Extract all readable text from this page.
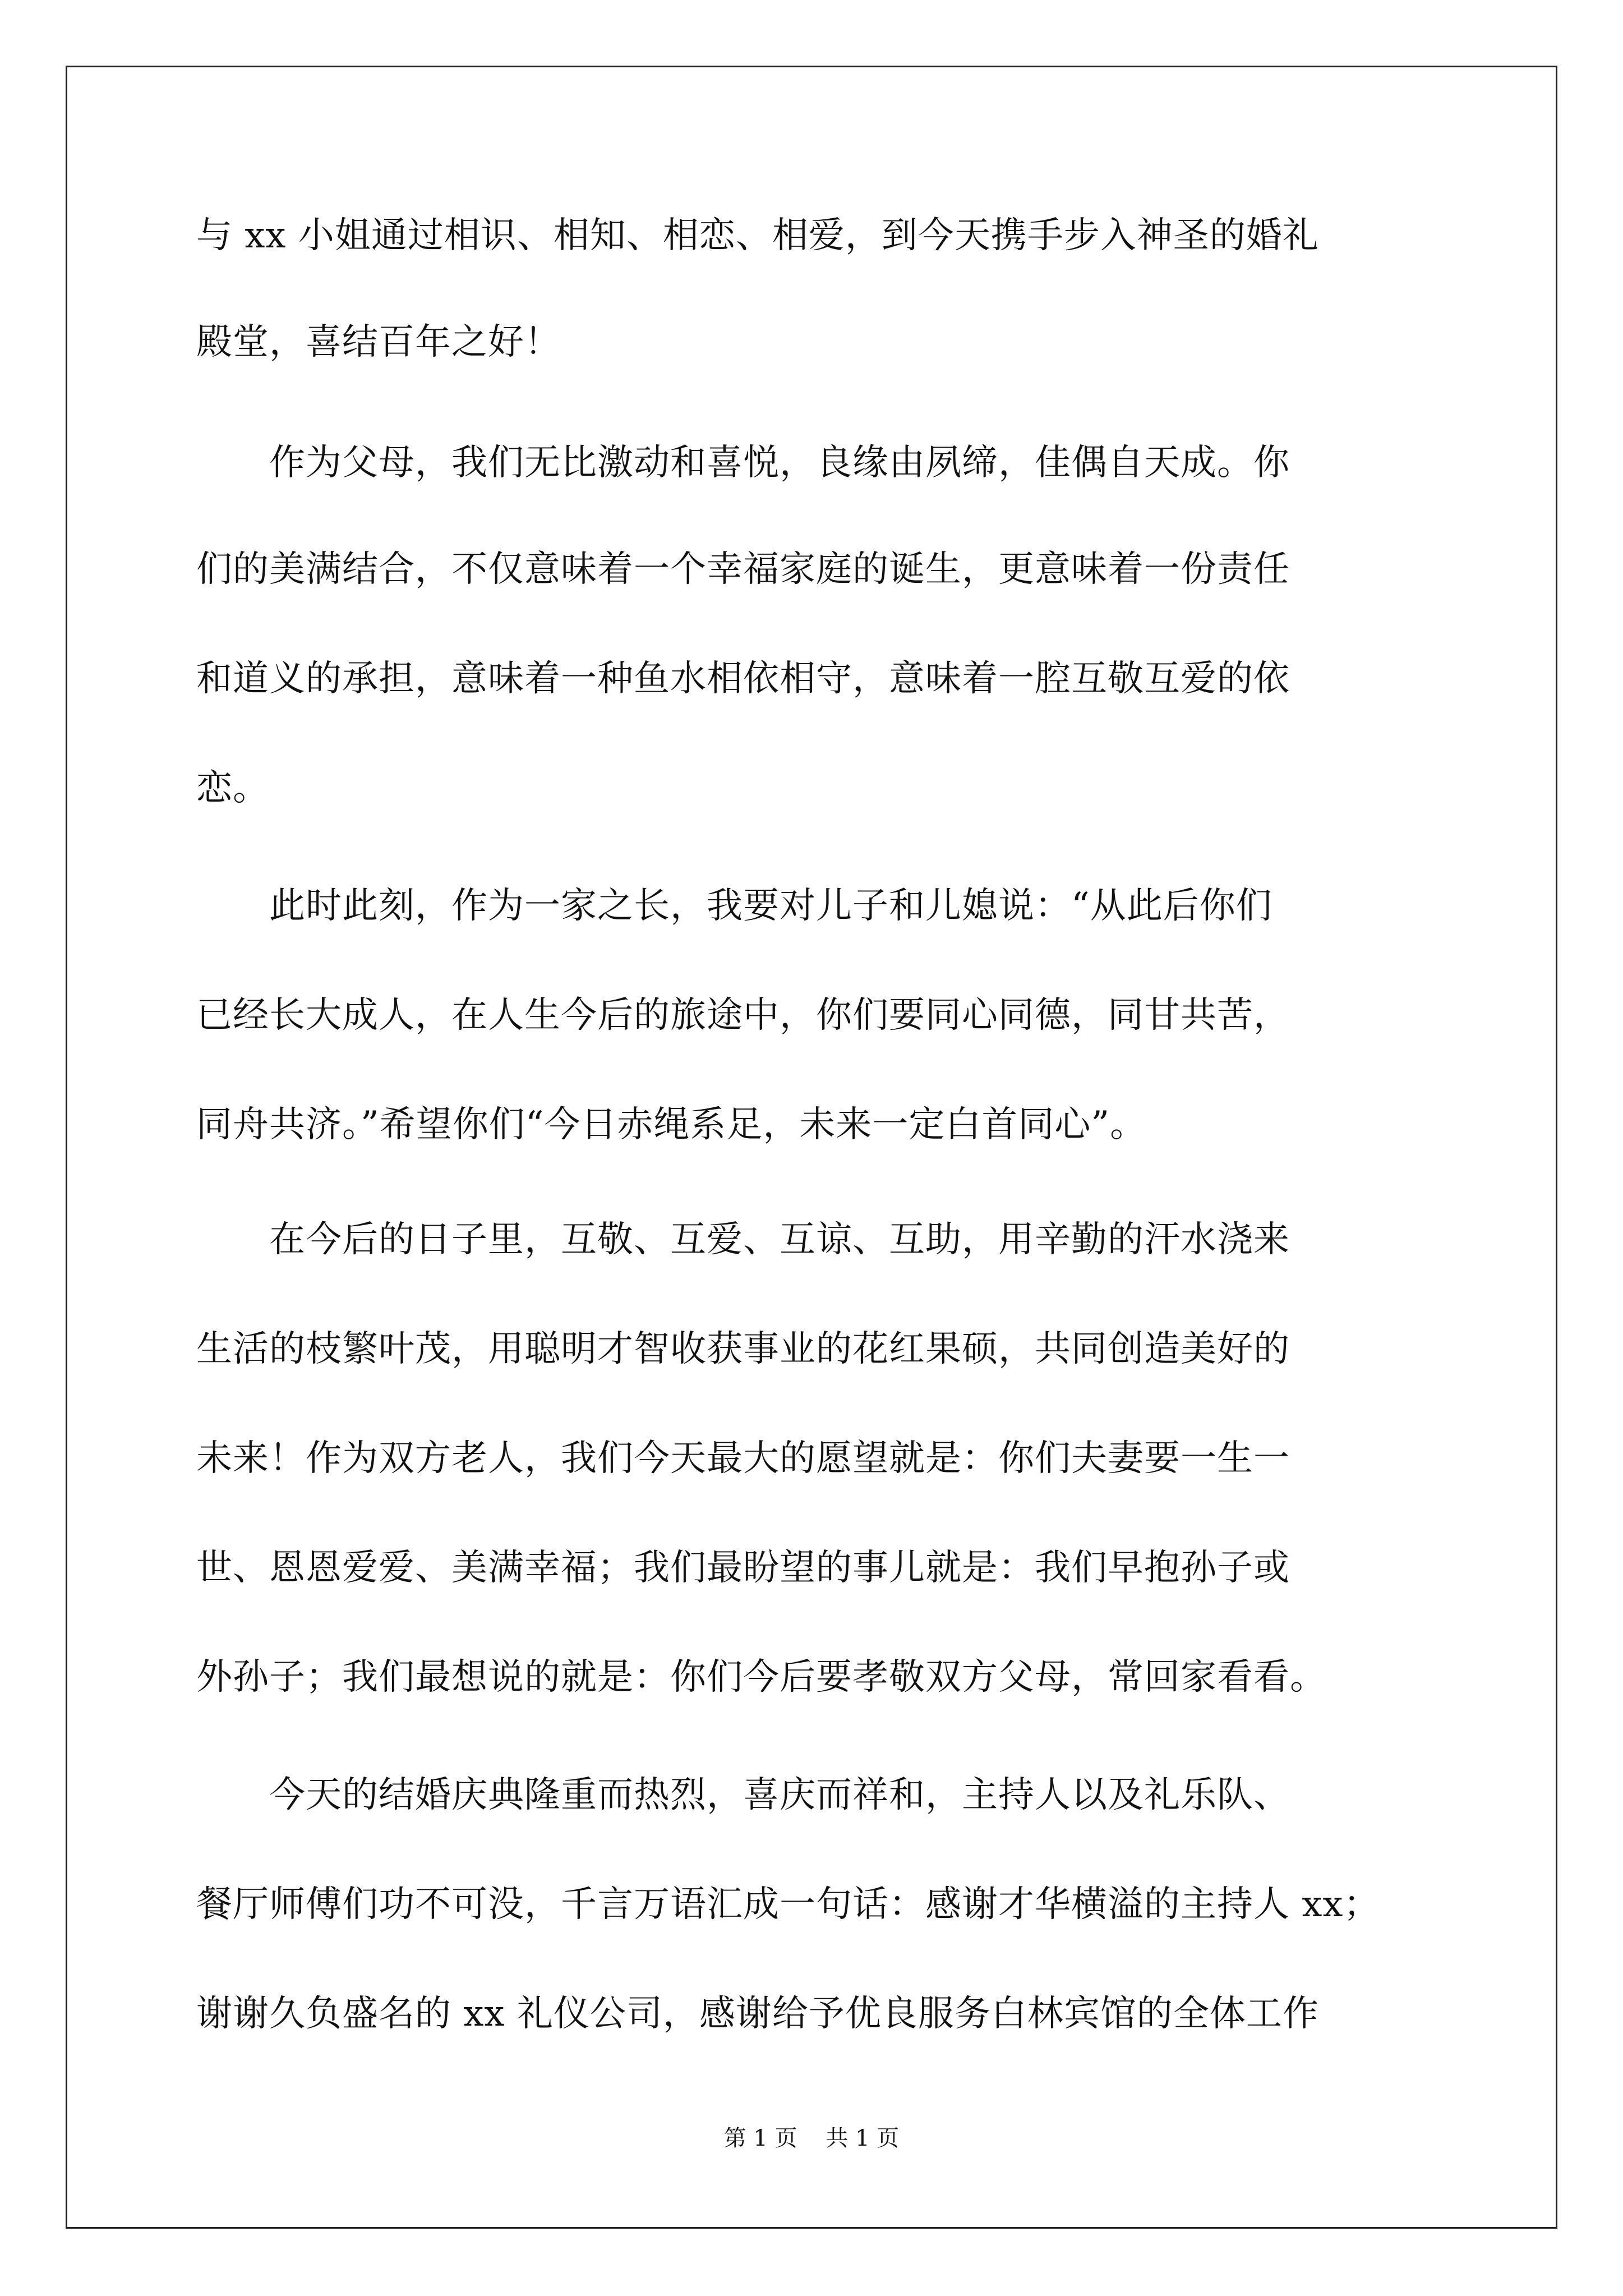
与 xx 小姐通过相识、相知、相恋、相爱，到今天携手步入神圣的婚礼
殿堂，喜结百年之好！
作为父母，我们无比激动和喜悦，良缘由夙缔，佳偶自天成。你
们的美满结合，不仅意味着一个幸福家庭的诞生，更意味着一份责任
和道义的承担，意味着一种鱼水相依相守，意味着一腔互敬互爱的依
恋。
此时此刻，作为一家之长，我要对儿子和儿媳说：“从此后你们
已经长大成人，在人生今后的旅途中，你们要同心同德，同甘共苦，
同舟共济。”希望你们“今日赤绳系足，未来一定白首同心”。
在今后的日子里，互敬、互爱、互谅、互助，用辛勤的汗水浇来
生活的枝繁叶茂，用聪明才智收获事业的花红果硕，共同创造美好的
未来！作为双方老人，我们今天最大的愿望就是：你们夫妻要一生一
世、恩恩爱爱、美满幸福；我们最盼望的事儿就是：我们早抱孙子或
外孙子；我们最想说的就是：你们今后要孝敬双方父母，常回家看看。
今天的结婚庆典隆重而热烈，喜庆而祥和，主持人以及礼乐队、
餐厅师傅们功不可没，千言万语汇成一句话：感谢才华横溢的主持人 xx；
谢谢久负盛名的 xx 礼仪公司，感谢给予优良服务白林宾馆的全体工作
第 1 页    共 1 页
